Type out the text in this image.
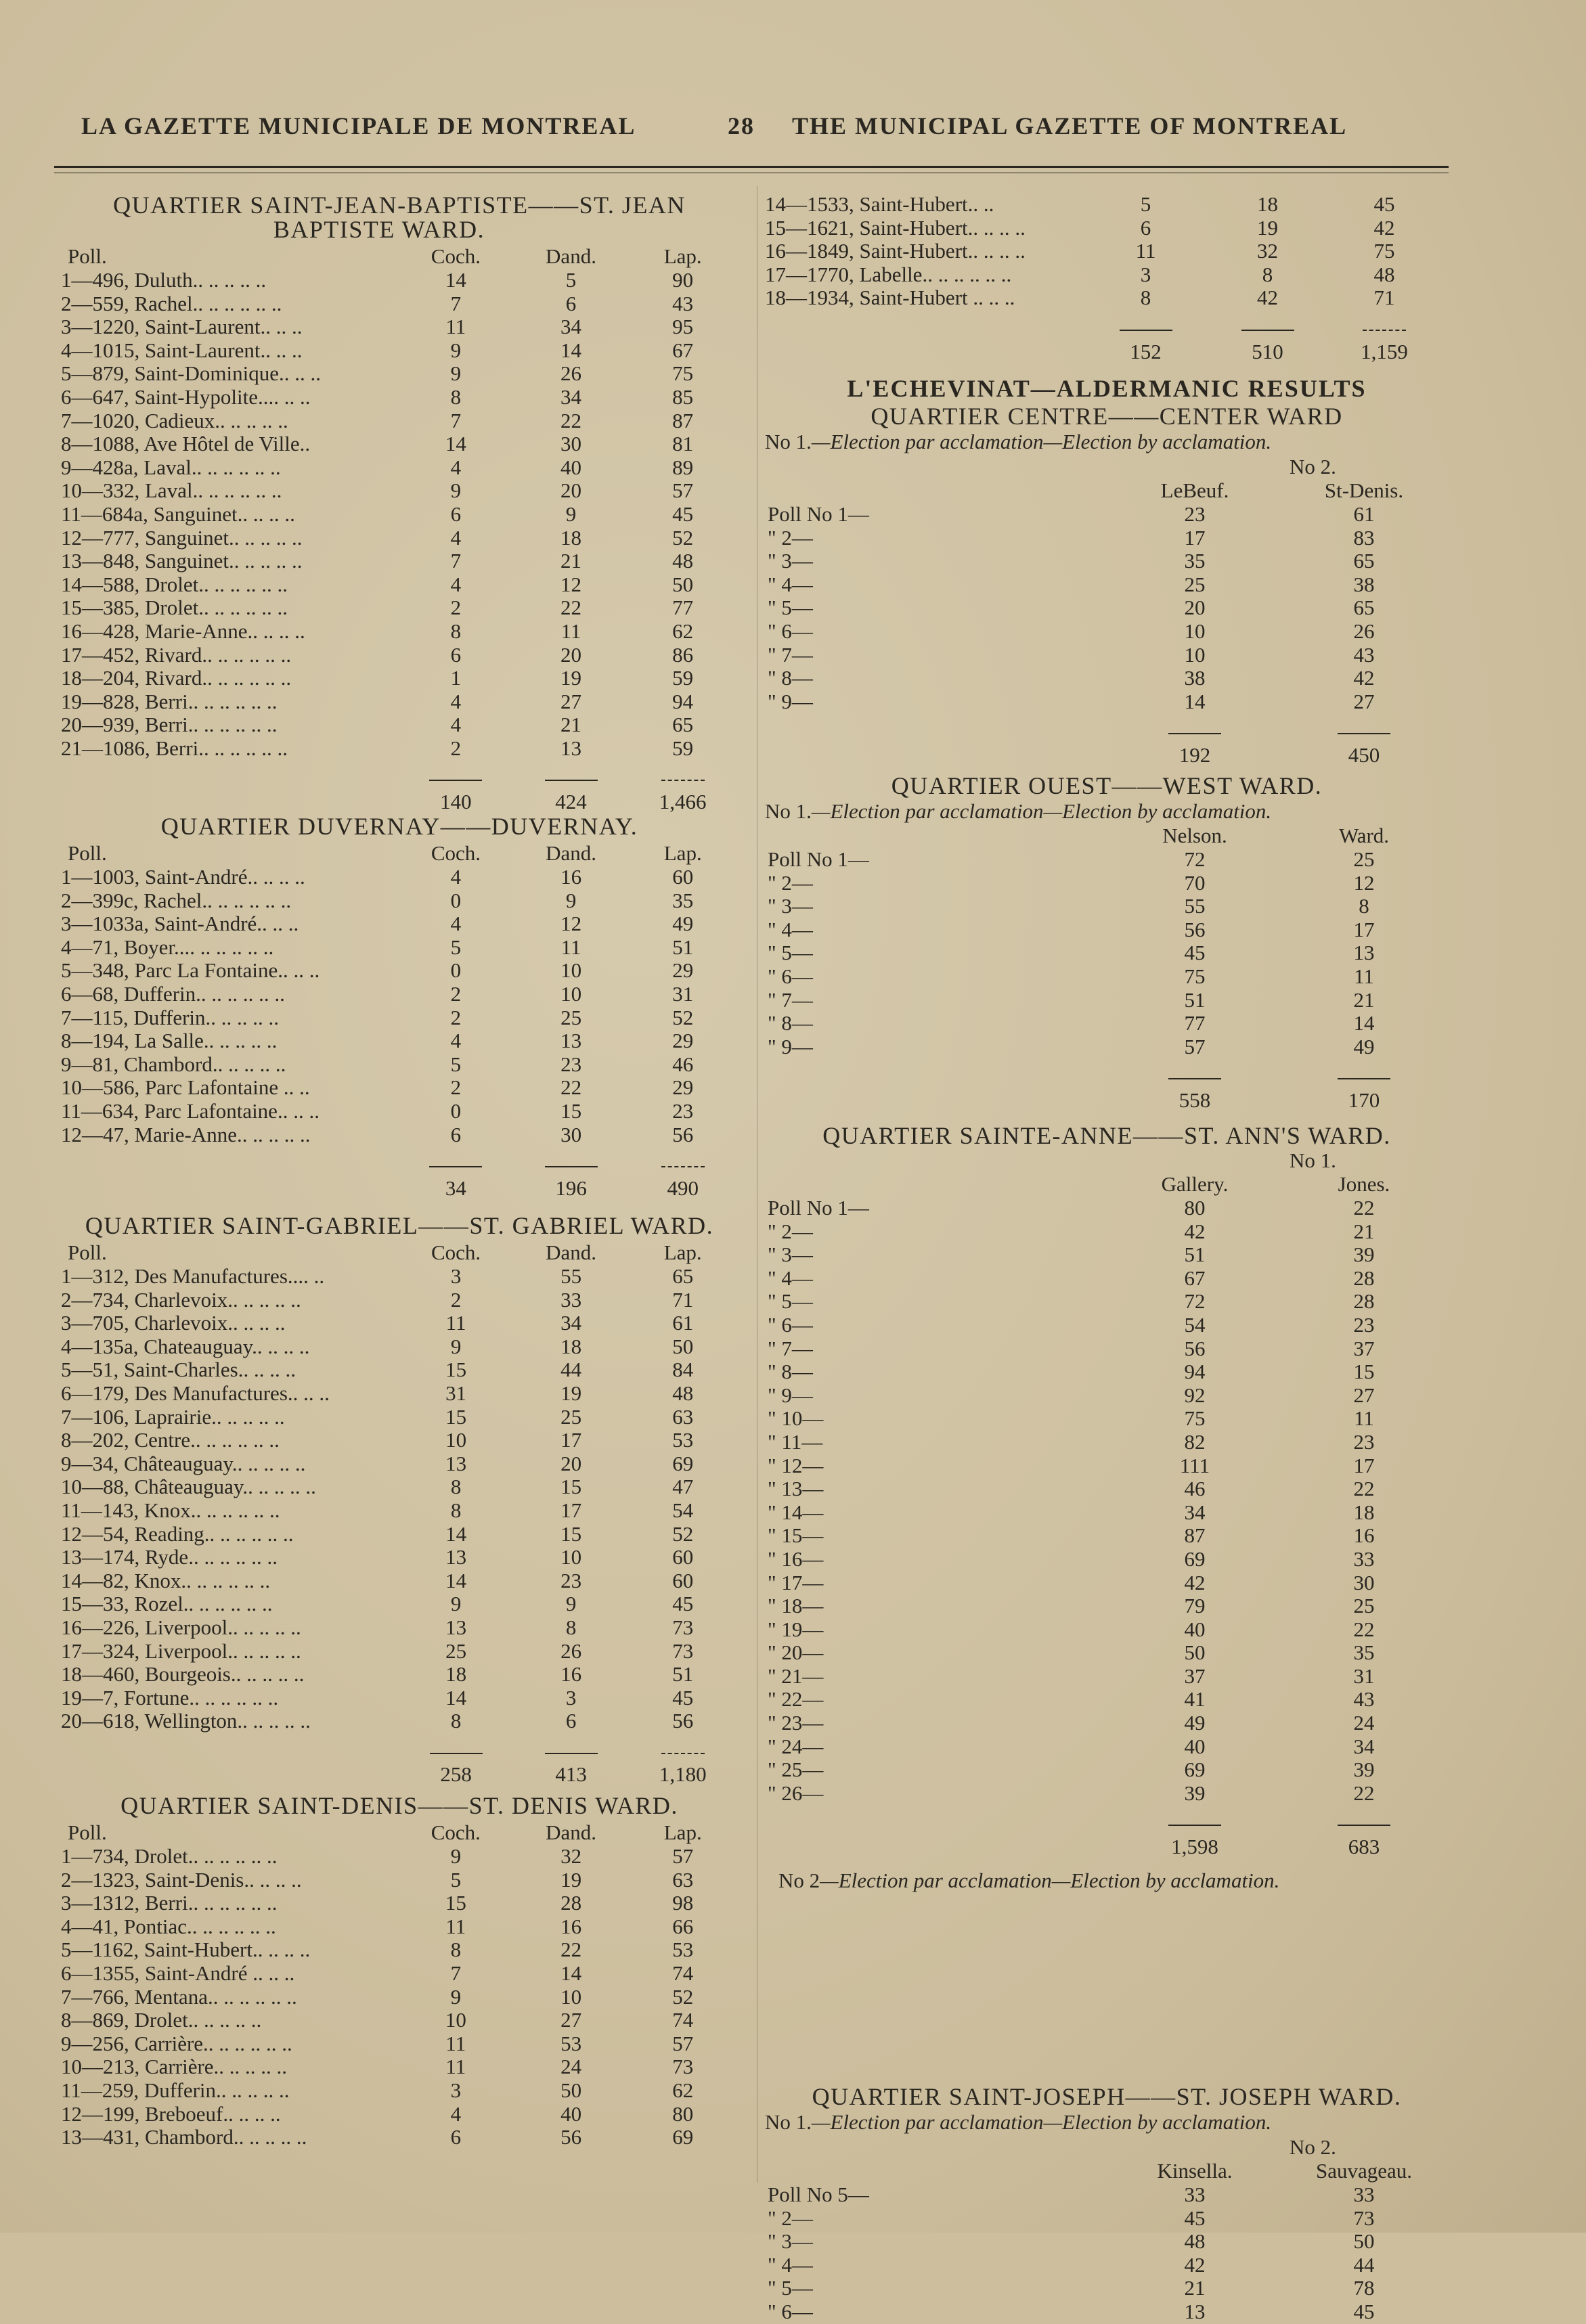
LA GAZETTE MUNICIPALE DE MONTREAL	28 THE MUNICIPAL GAZETTE OF MONTREAL
QUARTIER SAINT-JEAN-BAPTISTE——ST. JEAN
BAPTISTE WARD.
Poll.	Coch.	Dand.	Lap.
1—496, Duluth.. .. .. .. ..	14	5	90
2—559, Rachel.. .. .. .. .. ..	7	6	43
3—1220, Saint-Laurent.. .. ..	11	34	95
4—1015, Saint-Laurent.. .. ..	9	14	67
5—879, Saint-Dominique.. .. ..	9	26	75
6—647, Saint-Hypolite.... .. ..	8	34	85
7—1020, Cadieux.. .. .. .. ..	7	22	87
8—1088, Ave Hôtel de Ville..	14	30	81
9—428a, Laval.. .. .. .. .. ..	4	40	89
10—332, Laval.. .. .. .. .. ..	9	20	57
11—684a, Sanguinet.. .. .. ..	6	9	45
12—777, Sanguinet.. .. .. .. ..	4	18	52
13—848, Sanguinet.. .. .. .. ..	7	21	48
14—588, Drolet.. .. .. .. .. ..	4	12	50
15—385, Drolet.. .. .. .. .. ..	2	22	77
16—428, Marie-Anne.. .. .. ..	8	11	62
17—452, Rivard.. .. .. .. .. ..	6	20	86
18—204, Rivard.. .. .. .. .. ..	1	19	59
19—828, Berri.. .. .. .. .. ..	4	27	94
20—939, Berri.. .. .. .. .. ..	4	21	65
21—1086, Berri.. .. .. .. .. ..	2	13	59

	140	424	1,466
QUARTIER DUVERNAY——DUVERNAY.
Poll.	Coch.	Dand.	Lap.
1—1003, Saint-André.. .. .. ..	4	16	60
2—399c, Rachel.. .. .. .. .. ..	0	9	35
3—1033a, Saint-André.. .. ..	4	12	49
4—71, Boyer.... .. .. .. .. ..	5	11	51
5—348, Parc La Fontaine.. .. ..	0	10	29
6—68, Dufferin.. .. .. .. .. ..	2	10	31
7—115, Dufferin.. .. .. .. ..	2	25	52
8—194, La Salle.. .. .. .. ..	4	13	29
9—81, Chambord.. .. .. .. ..	5	23	46
10—586, Parc Lafontaine .. ..	2	22	29
11—634, Parc Lafontaine.. .. ..	0	15	23
12—47, Marie-Anne.. .. .. .. ..	6	30	56

	34	196	490
QUARTIER SAINT-GABRIEL——ST. GABRIEL WARD.
Poll.	Coch.	Dand.	Lap.
1—312, Des Manufactures.... ..	3	55	65
2—734, Charlevoix.. .. .. .. ..	2	33	71
3—705, Charlevoix.. .. .. ..	11	34	61
4—135a, Chateauguay.. .. .. ..	9	18	50
5—51, Saint-Charles.. .. .. ..	15	44	84
6—179, Des Manufactures.. .. ..	31	19	48
7—106, Laprairie.. .. .. .. ..	15	25	63
8—202, Centre.. .. .. .. .. ..	10	17	53
9—34, Châteauguay.. .. .. .. ..	13	20	69
10—88, Châteauguay.. .. .. .. ..	8	15	47
11—143, Knox.. .. .. .. .. ..	8	17	54
12—54, Reading.. .. .. .. .. ..	14	15	52
13—174, Ryde.. .. .. .. .. ..	13	10	60
14—82, Knox.. .. .. .. .. ..	14	23	60
15—33, Rozel.. .. .. .. .. ..	9	9	45
16—226, Liverpool.. .. .. .. ..	13	8	73
17—324, Liverpool.. .. .. .. ..	25	26	73
18—460, Bourgeois.. .. .. .. ..	18	16	51
19—7, Fortune.. .. .. .. .. ..	14	3	45
20—618, Wellington.. .. .. .. ..	8	6	56

	258	413	1,180
QUARTIER SAINT-DENIS——ST. DENIS WARD.
Poll.	Coch.	Dand.	Lap.
1—734, Drolet.. .. .. .. .. ..	9	32	57
2—1323, Saint-Denis.. .. .. ..	5	19	63
3—1312, Berri.. .. .. .. .. ..	15	28	98
4—41, Pontiac.. .. .. .. .. ..	11	16	66
5—1162, Saint-Hubert.. .. .. ..	8	22	53
6—1355, Saint-André .. .. ..	7	14	74
7—766, Mentana.. .. .. .. .. ..	9	10	52
8—869, Drolet.. .. .. .. ..	10	27	74
9—256, Carrière.. .. .. .. .. ..	11	53	57
10—213, Carrière.. .. .. .. ..	11	24	73
11—259, Dufferin.. .. .. .. ..	3	50	62
12—199, Breboeuf.. .. .. ..	4	40	80
13—431, Chambord.. .. .. .. ..	6	56	69
14—1533, Saint-Hubert.. ..	5	18	45
15—1621, Saint-Hubert.. .. .. ..	6	19	42
16—1849, Saint-Hubert.. .. .. ..	11	32	75
17—1770, Labelle.. .. .. .. .. ..	3	8	48
18—1934, Saint-Hubert .. .. ..	8	42	71

	152	510	1,159
L'ECHEVINAT—ALDERMANIC RESULTS
QUARTIER CENTRE——CENTER WARD
No 1.—Election par acclamation—Election by acclamation.
No 2.
	LeBeuf.	St-Denis.
Poll No 1—	23	61
" 2—	17	83
" 3—	35	65
" 4—	25	38
" 5—	20	65
" 6—	10	26
" 7—	10	43
" 8—	38	42
" 9—	14	27

	192	450
QUARTIER OUEST——WEST WARD.
No 1.—Election par acclamation—Election by acclamation.
	Nelson.	Ward.
Poll No 1—	72	25
" 2—	70	12
" 3—	55	8
" 4—	56	17
" 5—	45	13
" 6—	75	11
" 7—	51	21
" 8—	77	14
" 9—	57	49

	558	170
QUARTIER SAINTE-ANNE——ST. ANN'S WARD.
No 1.
	Gallery.	Jones.
Poll No 1—	80	22
" 2—	42	21
" 3—	51	39
" 4—	67	28
" 5—	72	28
" 6—	54	23
" 7—	56	37
" 8—	94	15
" 9—	92	27
" 10—	75	11
" 11—	82	23
" 12—	111	17
" 13—	46	22
" 14—	34	18
" 15—	87	16
" 16—	69	33
" 17—	42	30
" 18—	79	25
" 19—	40	22
" 20—	50	35
" 21—	37	31
" 22—	41	43
" 23—	49	24
" 24—	40	34
" 25—	69	39
" 26—	39	22

	1,598	683
No 2—Election par acclamation—Election by acclamation.
QUARTIER SAINT-JOSEPH——ST. JOSEPH WARD.
No 1.—Election par acclamation—Election by acclamation.
No 2.
	Kinsella.	Sauvageau.
Poll No 5—	33	33
" 2—	45	73
" 3—	48	50
" 4—	42	44
" 5—	21	78
" 6—	13	45
